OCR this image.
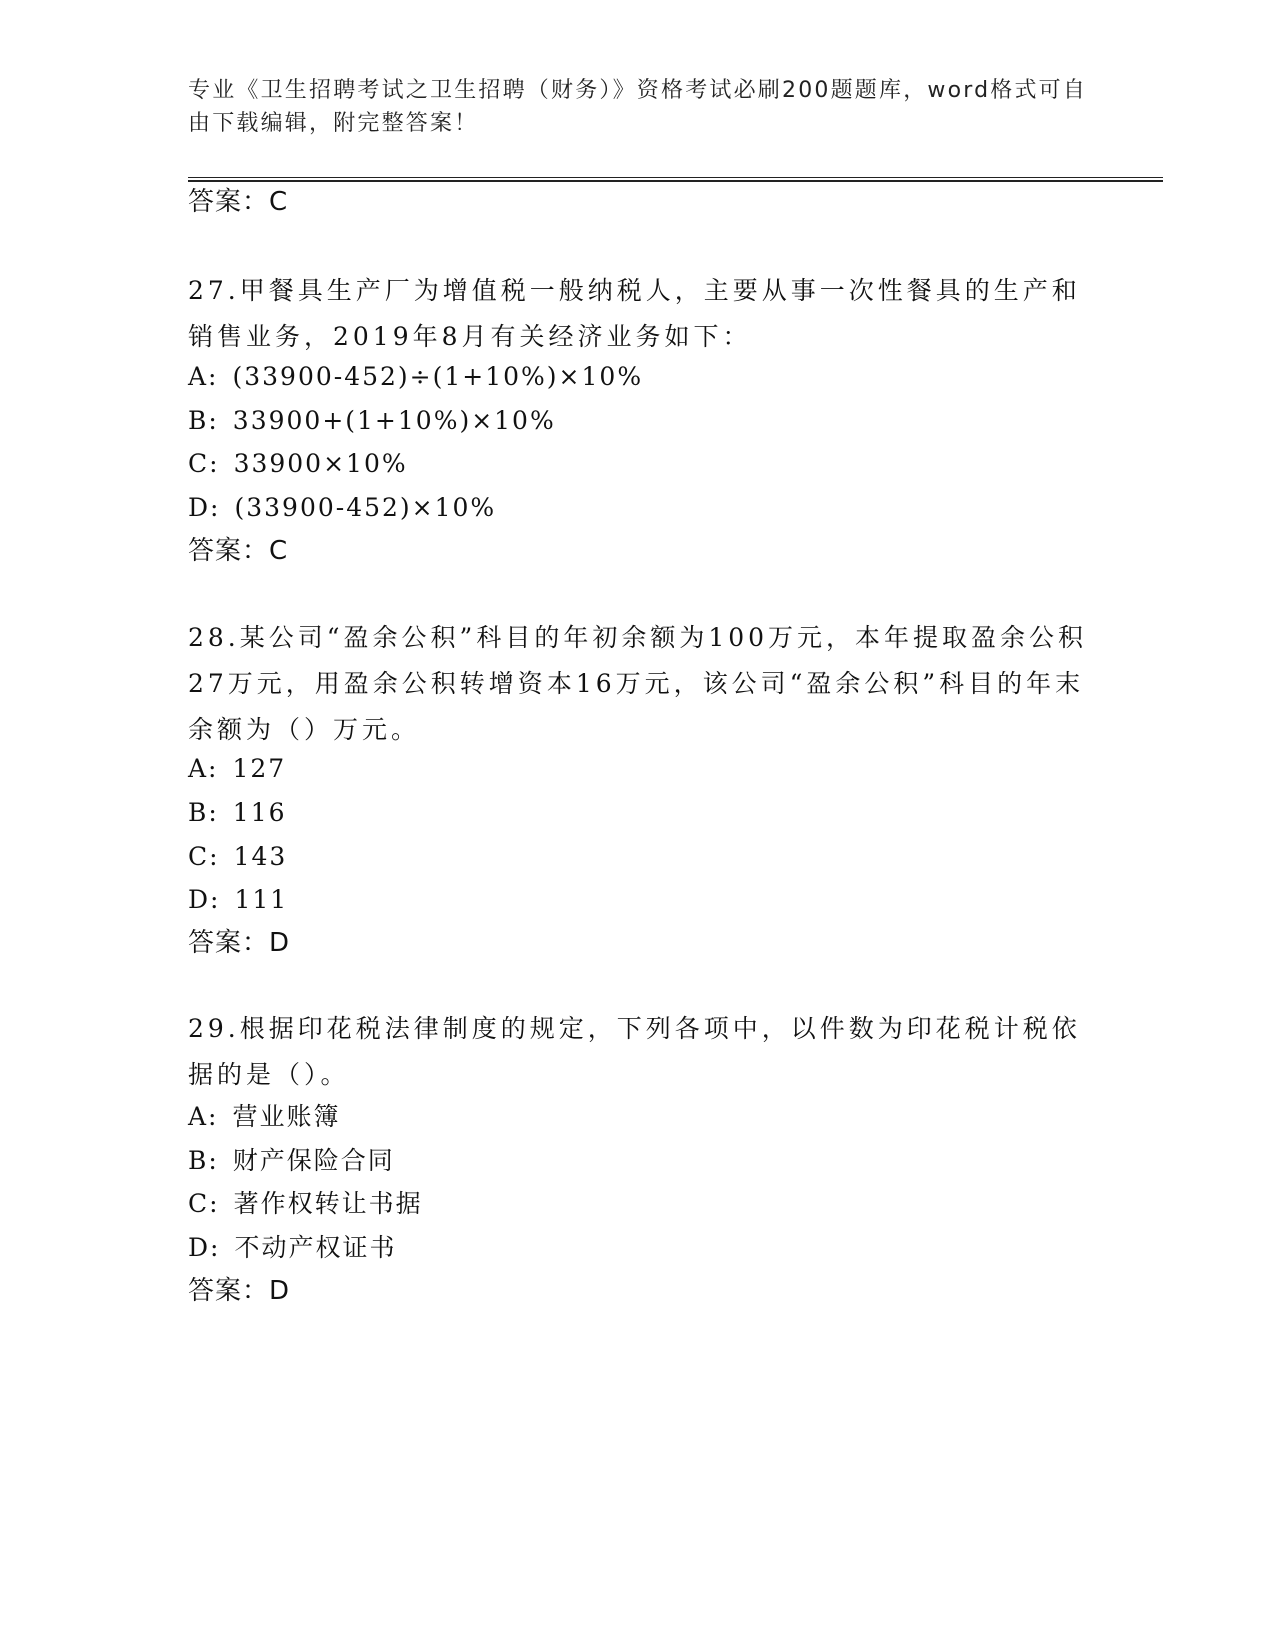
专业《卫生招聘考试之卫生招聘（财务）》资格考试必刷200题题库，word格式可自由下载编辑，附完整答案！
答案：C
27.甲餐具生产厂为增值税一般纳税人，主要从事一次性餐具的生产和销售业务，2019年8月有关经济业务如下：
A: (33900-452)÷(1+10%)×10%
B: 33900+(1+10%)×10%
C: 33900×10%
D: (33900-452)×10%
答案：C
28.某公司“盈余公积”科目的年初余额为100万元，本年提取盈余公积27万元，用盈余公积转增资本16万元，该公司“盈余公积”科目的年末余额为（）万元。
A: 127
B: 116
C: 143
D: 111
答案：D
29.根据印花税法律制度的规定，下列各项中，以件数为印花税计税依据的是（）。
A: 营业账簿
B: 财产保险合同
C: 著作权转让书据
D: 不动产权证书
答案：D
